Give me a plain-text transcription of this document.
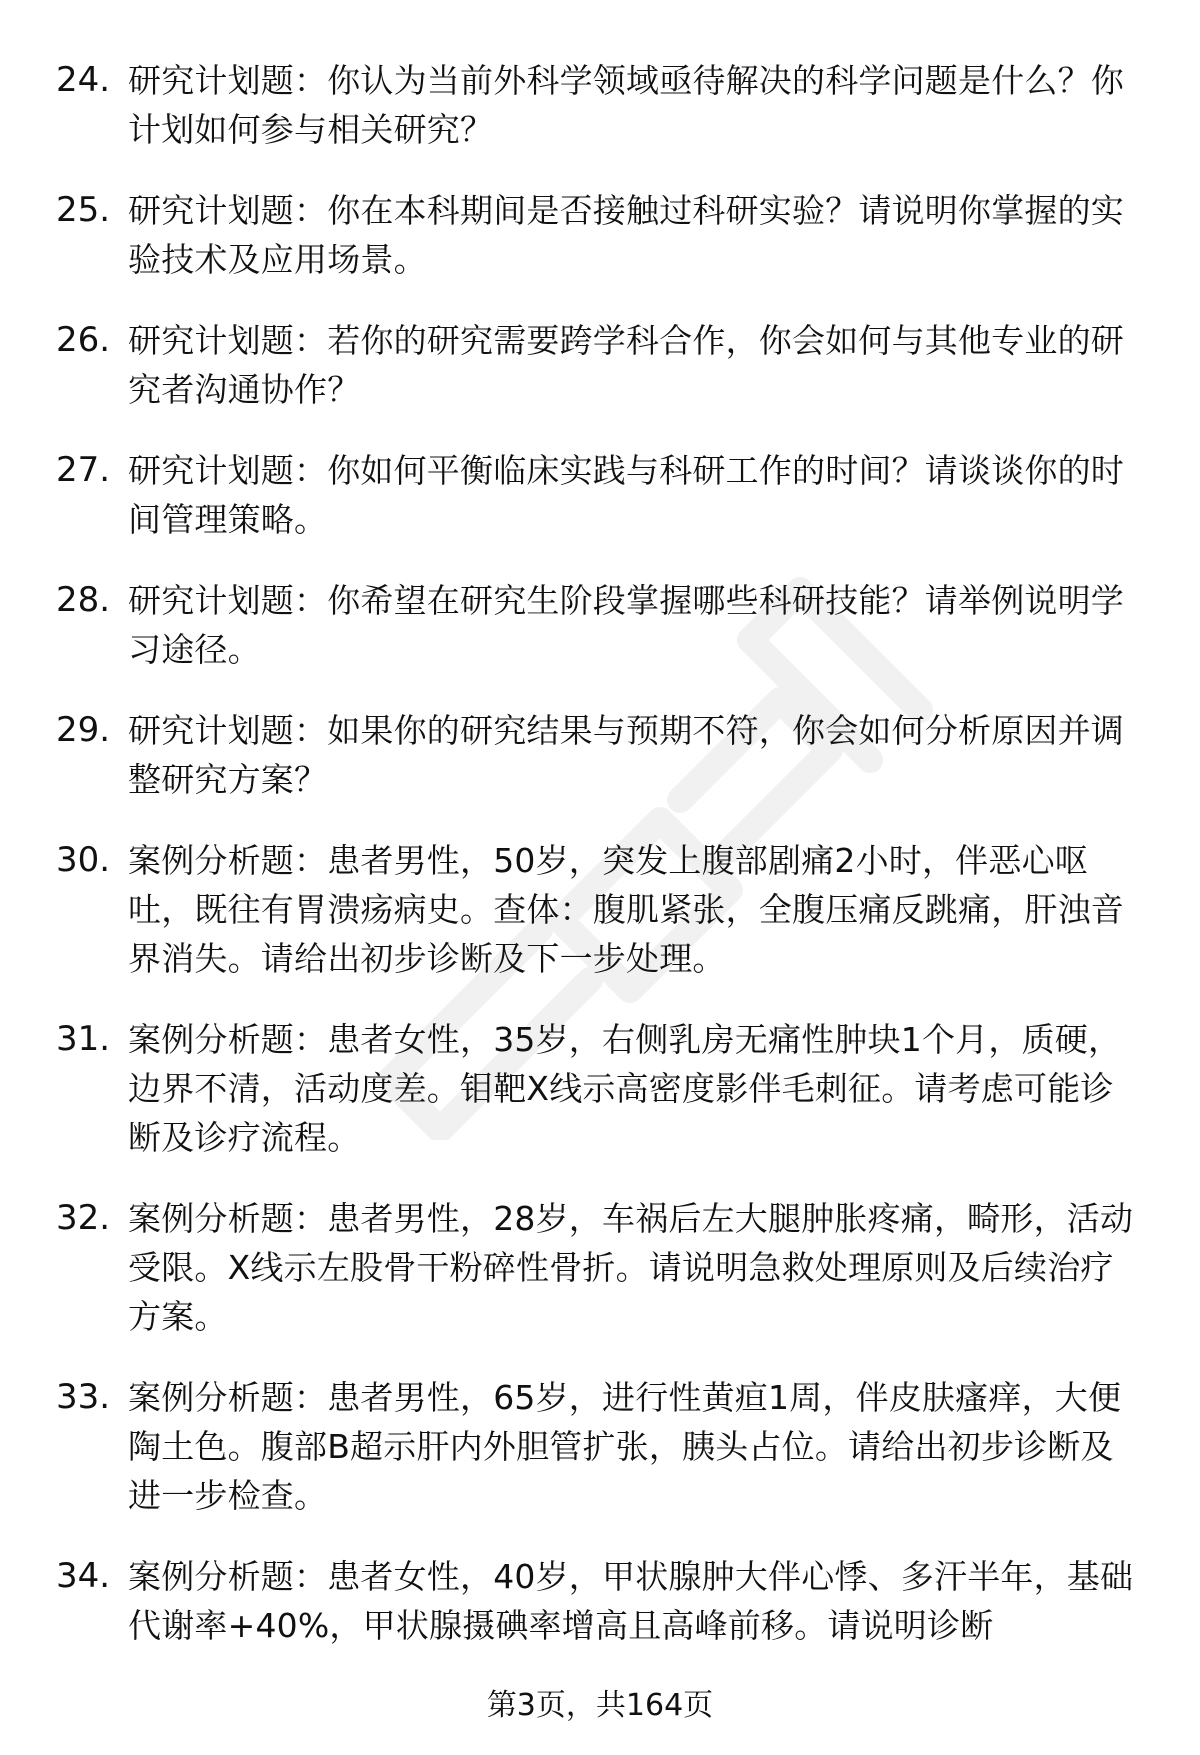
24. 研究计划题：你认为当前外科学领域亟待解决的科学问题是什么？你计划如何参与相关研究？
25. 研究计划题：你在本科期间是否接触过科研实验？请说明你掌握的实验技术及应用场景。
26. 研究计划题：若你的研究需要跨学科合作，你会如何与其他专业的研究者沟通协作？
27. 研究计划题：你如何平衡临床实践与科研工作的时间？请谈谈你的时间管理策略。
28. 研究计划题：你希望在研究生阶段掌握哪些科研技能？请举例说明学习途径。
29. 研究计划题：如果你的研究结果与预期不符，你会如何分析原因并调整研究方案？
30. 案例分析题：患者男性，50岁，突发上腹部剧痛2小时，伴恶心呕吐，既往有胃溃疡病史。查体：腹肌紧张，全腹压痛反跳痛，肝浊音界消失。请给出初步诊断及下一步处理。
31. 案例分析题：患者女性，35岁，右侧乳房无痛性肿块1个月，质硬，边界不清，活动度差。钼靶X线示高密度影伴毛刺征。请考虑可能诊断及诊疗流程。
32. 案例分析题：患者男性，28岁，车祸后左大腿肿胀疼痛，畸形，活动受限。X线示左股骨干粉碎性骨折。请说明急救处理原则及后续治疗方案。
33. 案例分析题：患者男性，65岁，进行性黄疸1周，伴皮肤瘙痒，大便陶土色。腹部B超示肝内外胆管扩张，胰头占位。请给出初步诊断及进一步检查。
34. 案例分析题：患者女性，40岁，甲状腺肿大伴心悸、多汗半年，基础代谢率+40%，甲状腺摄碘率增高且高峰前移。请说明诊断
第3页，共164页
